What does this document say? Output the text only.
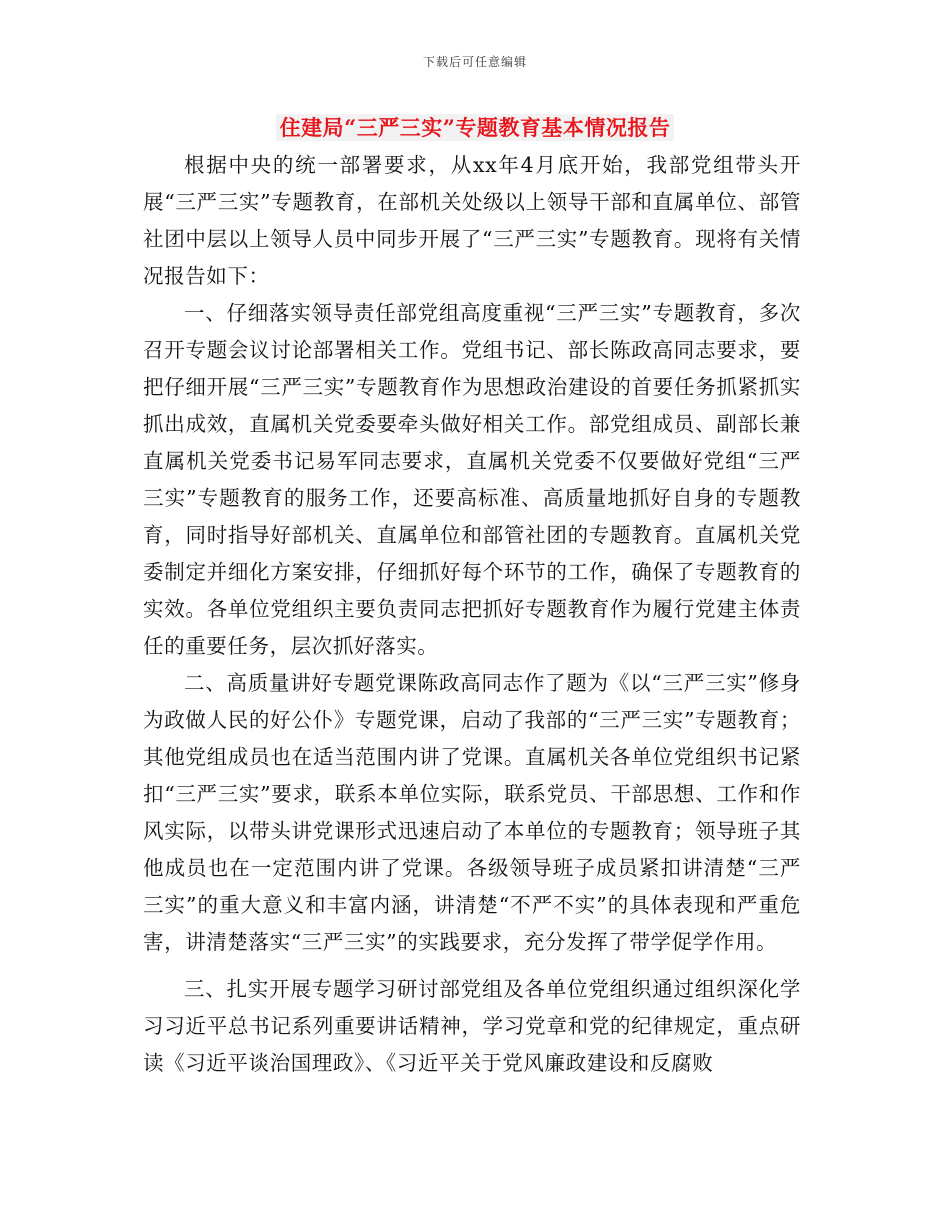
下载后可任意编辑
住建局“三严三实”专题教育基本情况报告

根据中央的统一部署要求，从xx年4月底开始，我部党组带头开展“三严三实”专题教育，在部机关处级以上领导干部和直属单位、部管社团中层以上领导人员中同步开展了“三严三实”专题教育。现将有关情况报告如下：

一、仔细落实领导责任部党组高度重视“三严三实”专题教育，多次召开专题会议讨论部署相关工作。党组书记、部长陈政高同志要求，要把仔细开展“三严三实”专题教育作为思想政治建设的首要任务抓紧抓实抓出成效，直属机关党委要牵头做好相关工作。部党组成员、副部长兼直属机关党委书记易军同志要求，直属机关党委不仅要做好党组“三严三实”专题教育的服务工作，还要高标准、高质量地抓好自身的专题教育，同时指导好部机关、直属单位和部管社团的专题教育。直属机关党委制定并细化方案安排，仔细抓好每个环节的工作，确保了专题教育的实效。各单位党组织主要负责同志把抓好专题教育作为履行党建主体责任的重要任务，层次抓好落实。

二、高质量讲好专题党课陈政高同志作了题为《以“三严三实”修身为政做人民的好公仆》专题党课，启动了我部的“三严三实”专题教育；其他党组成员也在适当范围内讲了党课。直属机关各单位党组织书记紧扣“三严三实”要求，联系本单位实际，联系党员、干部思想、工作和作风实际，以带头讲党课形式迅速启动了本单位的专题教育；领导班子其他成员也在一定范围内讲了党课。各级领导班子成员紧扣讲清楚“三严三实”的重大意义和丰富内涵，讲清楚“不严不实”的具体表现和严重危害，讲清楚落实“三严三实”的实践要求，充分发挥了带学促学作用。

三、扎实开展专题学习研讨部党组及各单位党组织通过组织深化学习习近平总书记系列重要讲话精神，学习党章和党的纪律规定，重点研读《习近平谈治国理政》、《习近平关于党风廉政建设和反腐败
